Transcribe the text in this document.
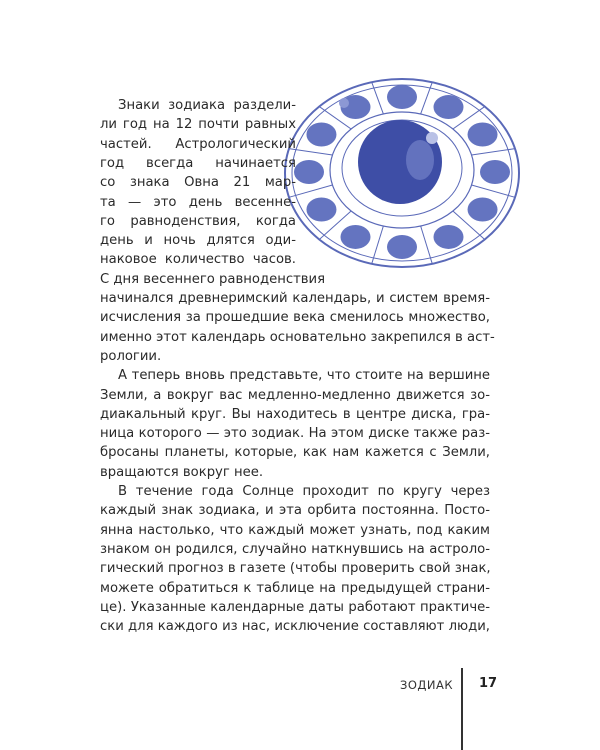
ЗОДИАК 17
Знаки зодиака раздели-
ли год на 12 почти равных
частей. Астрологический
год всегда начинается
со знака Овна 21 мар-
та — это день весенне-
го равноденствия, когда
день и ночь длятся оди-
наковое количество часов.
С дня весеннего равноденствия
начинался древнеримский календарь, и систем время-
исчисления за прошедшие века сменилось множество,
именно этот календарь основательно закрепился в аст-
рологии.
А теперь вновь представьте, что стоите на вершине
Земли, а вокруг вас медленно-медленно движется зо-
диакальный круг. Вы находитесь в центре диска, гра-
ница которого — это зодиак. На этом диске также раз-
бросаны планеты, которые, как нам кажется с Земли,
вращаются вокруг нее.
В течение года Солнце проходит по кругу через
каждый знак зодиака, и эта орбита постоянна. Посто-
янна настолько, что каждый может узнать, под каким
знаком он родился, случайно наткнувшись на астроло-
гический прогноз в газете (чтобы проверить свой знак,
можете обратиться к таблице на предыдущей страни-
це). Указанные календарные даты работают практиче-
ски для каждого из нас, исключение составляют люди,
